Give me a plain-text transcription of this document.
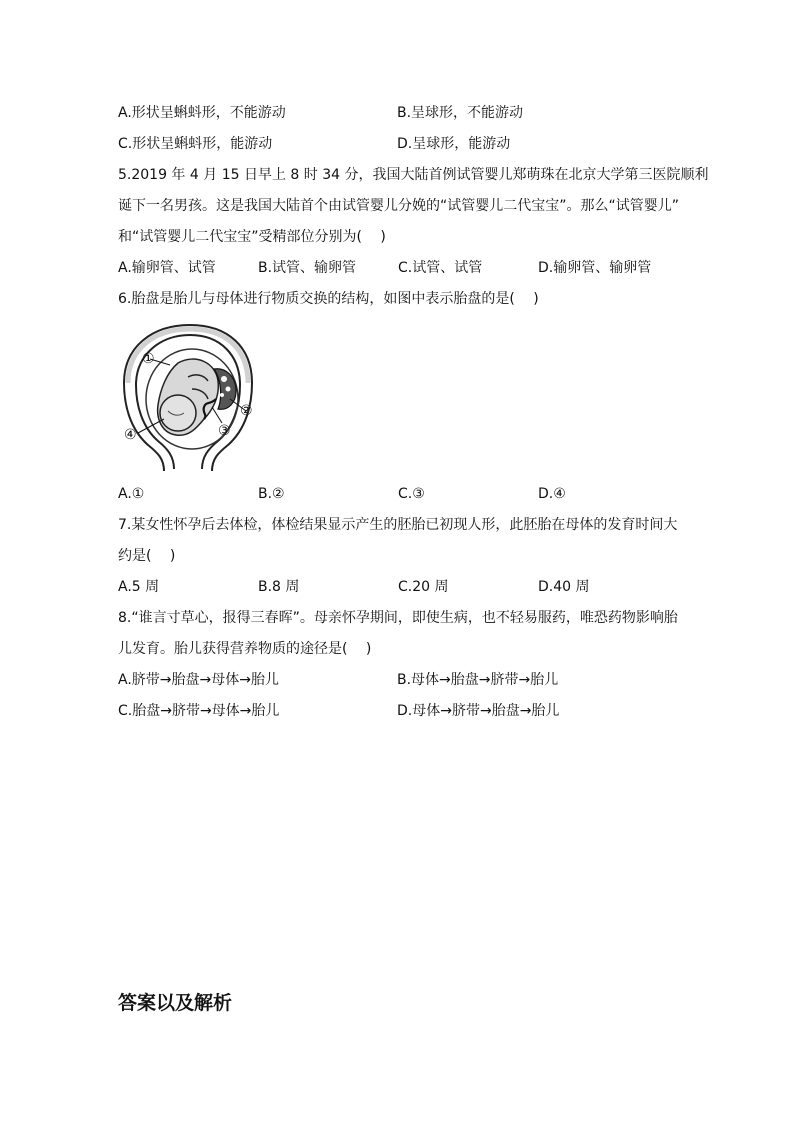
A.形状呈蝌蚪形，不能游动	B.呈球形，不能游动
C.形状呈蝌蚪形，能游动	D.呈球形，能游动
5.2019 年 4 月 15 日早上 8 时 34 分，我国大陆首例试管婴儿郑萌珠在北京大学第三医院顺利
诞下一名男孩。这是我国大陆首个由试管婴儿分娩的“试管婴儿二代宝宝”。那么“试管婴儿”
和“试管婴儿二代宝宝”受精部位分别为(　 )
A.输卵管、试管	B.试管、输卵管	C.试管、试管	D.输卵管、输卵管
6.胎盘是胎儿与母体进行物质交换的结构，如图中表示胎盘的是(　 )
①
②
③
④
A.①	B.②	C.③	D.④
7.某女性怀孕后去体检，体检结果显示产生的胚胎已初现人形，此胚胎在母体的发育时间大
约是(　 )
A.5 周	B.8 周	C.20 周	D.40 周
8.“谁言寸草心，报得三春晖”。母亲怀孕期间，即使生病，也不轻易服药，唯恐药物影响胎
儿发育。胎儿获得营养物质的途径是(　 )
A.脐带→胎盘→母体→胎儿	B.母体→胎盘→脐带→胎儿
C.胎盘→脐带→母体→胎儿	D.母体→脐带→胎盘→胎儿
答案以及解析
